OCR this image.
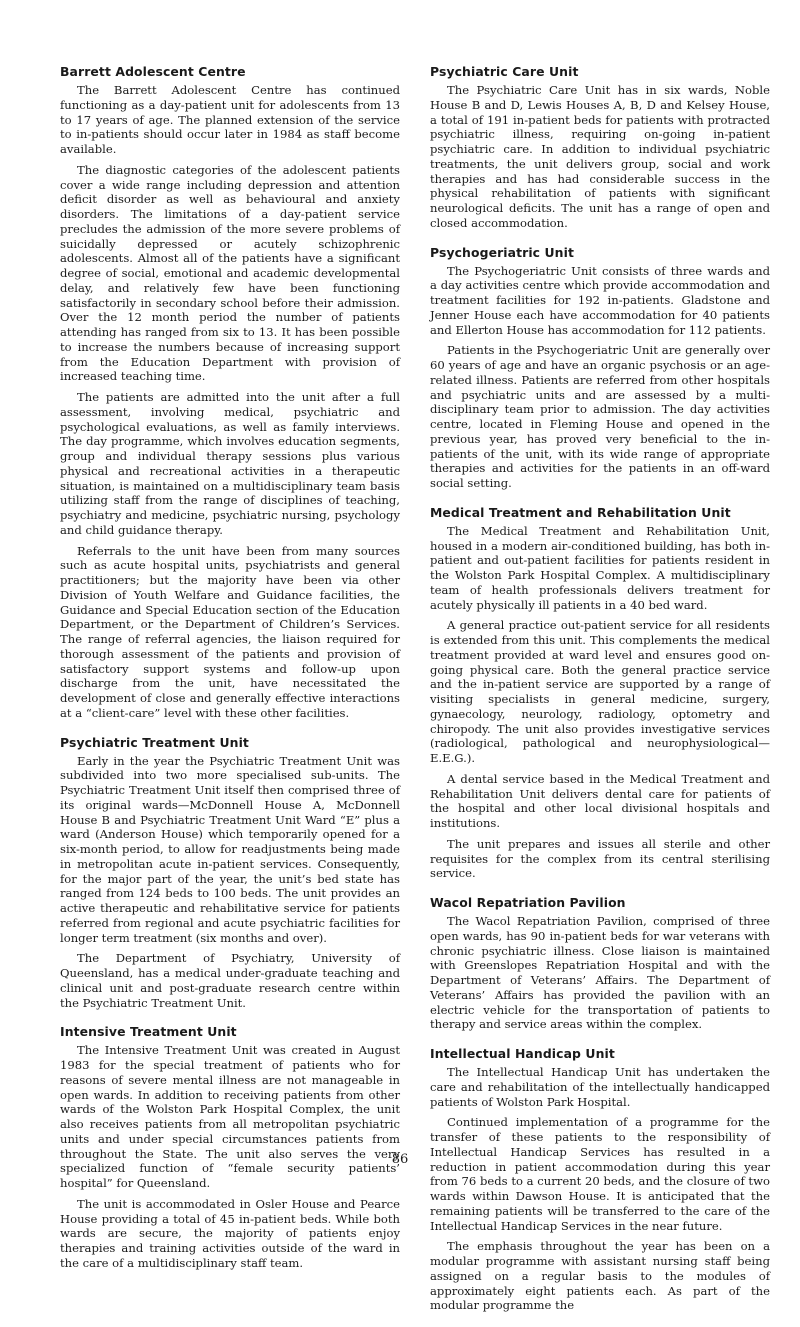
Barrett Adolescent Centre

The Barrett Adolescent Centre has continued functioning as a day-patient unit for adolescents from 13 to 17 years of age. The planned extension of the service to in-patients should occur later in 1984 as staff become available.

The diagnostic categories of the adolescent patients cover a wide range including depression and attention deficit disorder as well as behavioural and anxiety disorders. The limitations of a day-patient service precludes the admission of the more severe problems of suicidally depressed or acutely schizophrenic adolescents. Almost all of the patients have a significant degree of social, emotional and academic developmental delay, and relatively few have been functioning satisfactorily in secondary school before their admission. Over the 12 month period the number of patients attending has ranged from six to 13. It has been possible to increase the numbers because of increasing support from the Education Department with provision of increased teaching time.

The patients are admitted into the unit after a full assessment, involving medical, psychiatric and psychological evaluations, as well as family interviews. The day programme, which involves education segments, group and individual therapy sessions plus various physical and recreational activities in a therapeutic situation, is maintained on a multidisciplinary team basis utilizing staff from the range of disciplines of teaching, psychiatry and medicine, psychiatric nursing, psychology and child guidance therapy.

Referrals to the unit have been from many sources such as acute hospital units, psychiatrists and general practitioners; but the majority have been via other Division of Youth Welfare and Guidance facilities, the Guidance and Special Education section of the Education Department, or the Department of Children’s Services. The range of referral agencies, the liaison required for thorough assessment of the patients and provision of satisfactory support systems and follow-up upon discharge from the unit, have necessitated the development of close and generally effective interactions at a “client-care” level with these other facilities.

Psychiatric Treatment Unit

Early in the year the Psychiatric Treatment Unit was subdivided into two more specialised sub-units. The Psychiatric Treatment Unit itself then comprised three of its original wards—McDonnell House A, McDonnell House B and Psychiatric Treatment Unit Ward “E” plus a ward (Anderson House) which temporarily opened for a six-month period, to allow for readjustments being made in metropolitan acute in-patient services. Consequently, for the major part of the year, the unit’s bed state has ranged from 124 beds to 100 beds. The unit provides an active therapeutic and rehabilitative service for patients referred from regional and acute psychiatric facilities for longer term treatment (six months and over).

The Department of Psychiatry, University of Queensland, has a medical under-graduate teaching and clinical unit and post-graduate research centre within the Psychiatric Treatment Unit.

Intensive Treatment Unit

The Intensive Treatment Unit was created in August 1983 for the special treatment of patients who for reasons of severe mental illness are not manageable in open wards. In addition to receiving patients from other wards of the Wolston Park Hospital Complex, the unit also receives patients from all metropolitan psychiatric units and under special circumstances patients from throughout the State. The unit also serves the very specialized function of “female security patients’ hospital” for Queensland.

The unit is accommodated in Osler House and Pearce House providing a total of 45 in-patient beds. While both wards are secure, the majority of patients enjoy therapies and training activities outside of the ward in the care of a multidisciplinary staff team.

Psychiatric Care Unit

The Psychiatric Care Unit has in six wards, Noble House B and D, Lewis Houses A, B, D and Kelsey House, a total of 191 in-patient beds for patients with protracted psychiatric illness, requiring on-going in-patient psychiatric care. In addition to individual psychiatric treatments, the unit delivers group, social and work therapies and has had considerable success in the physical rehabilitation of patients with significant neurological deficits. The unit has a range of open and closed accommodation.

Psychogeriatric Unit

The Psychogeriatric Unit consists of three wards and a day activities centre which provide accommodation and treatment facilities for 192 in-patients. Gladstone and Jenner House each have accommodation for 40 patients and Ellerton House has accommodation for 112 patients.

Patients in the Psychogeriatric Unit are generally over 60 years of age and have an organic psychosis or an age-related illness. Patients are referred from other hospitals and psychiatric units and are assessed by a multi-disciplinary team prior to admission. The day activities centre, located in Fleming House and opened in the previous year, has proved very beneficial to the in-patients of the unit, with its wide range of appropriate therapies and activities for the patients in an off-ward social setting.

Medical Treatment and Rehabilitation Unit

The Medical Treatment and Rehabilitation Unit, housed in a modern air-conditioned building, has both in-patient and out-patient facilities for patients resident in the Wolston Park Hospital Complex. A multidisciplinary team of health professionals delivers treatment for acutely physically ill patients in a 40 bed ward.

A general practice out-patient service for all residents is extended from this unit. This complements the medical treatment provided at ward level and ensures good on-going physical care. Both the general practice service and the in-patient service are supported by a range of visiting specialists in general medicine, surgery, gynaecology, neurology, radiology, optometry and chiropody. The unit also provides investigative services (radiological, pathological and neurophysiological—E.E.G.).

A dental service based in the Medical Treatment and Rehabilitation Unit delivers dental care for patients of the hospital and other local divisional hospitals and institutions.

The unit prepares and issues all sterile and other requisites for the complex from its central sterilising service.

Wacol Repatriation Pavilion

The Wacol Repatriation Pavilion, comprised of three open wards, has 90 in-patient beds for war veterans with chronic psychiatric illness. Close liaison is maintained with Greenslopes Repatriation Hospital and with the Department of Veterans’ Affairs. The Department of Veterans’ Affairs has provided the pavilion with an electric vehicle for the transportation of patients to therapy and service areas within the complex.

Intellectual Handicap Unit

The Intellectual Handicap Unit has undertaken the care and rehabilitation of the intellectually handicapped patients of Wolston Park Hospital.

Continued implementation of a programme for the transfer of these patients to the responsibility of Intellectual Handicap Services has resulted in a reduction in patient accommodation during this year from 76 beds to a current 20 beds, and the closure of two wards within Dawson House. It is anticipated that the remaining patients will be transferred to the care of the Intellectual Handicap Services in the near future.

The emphasis throughout the year has been on a modular programme with assistant nursing staff being assigned on a regular basis to the modules of approximately eight patients each. As part of the modular programme the

86
